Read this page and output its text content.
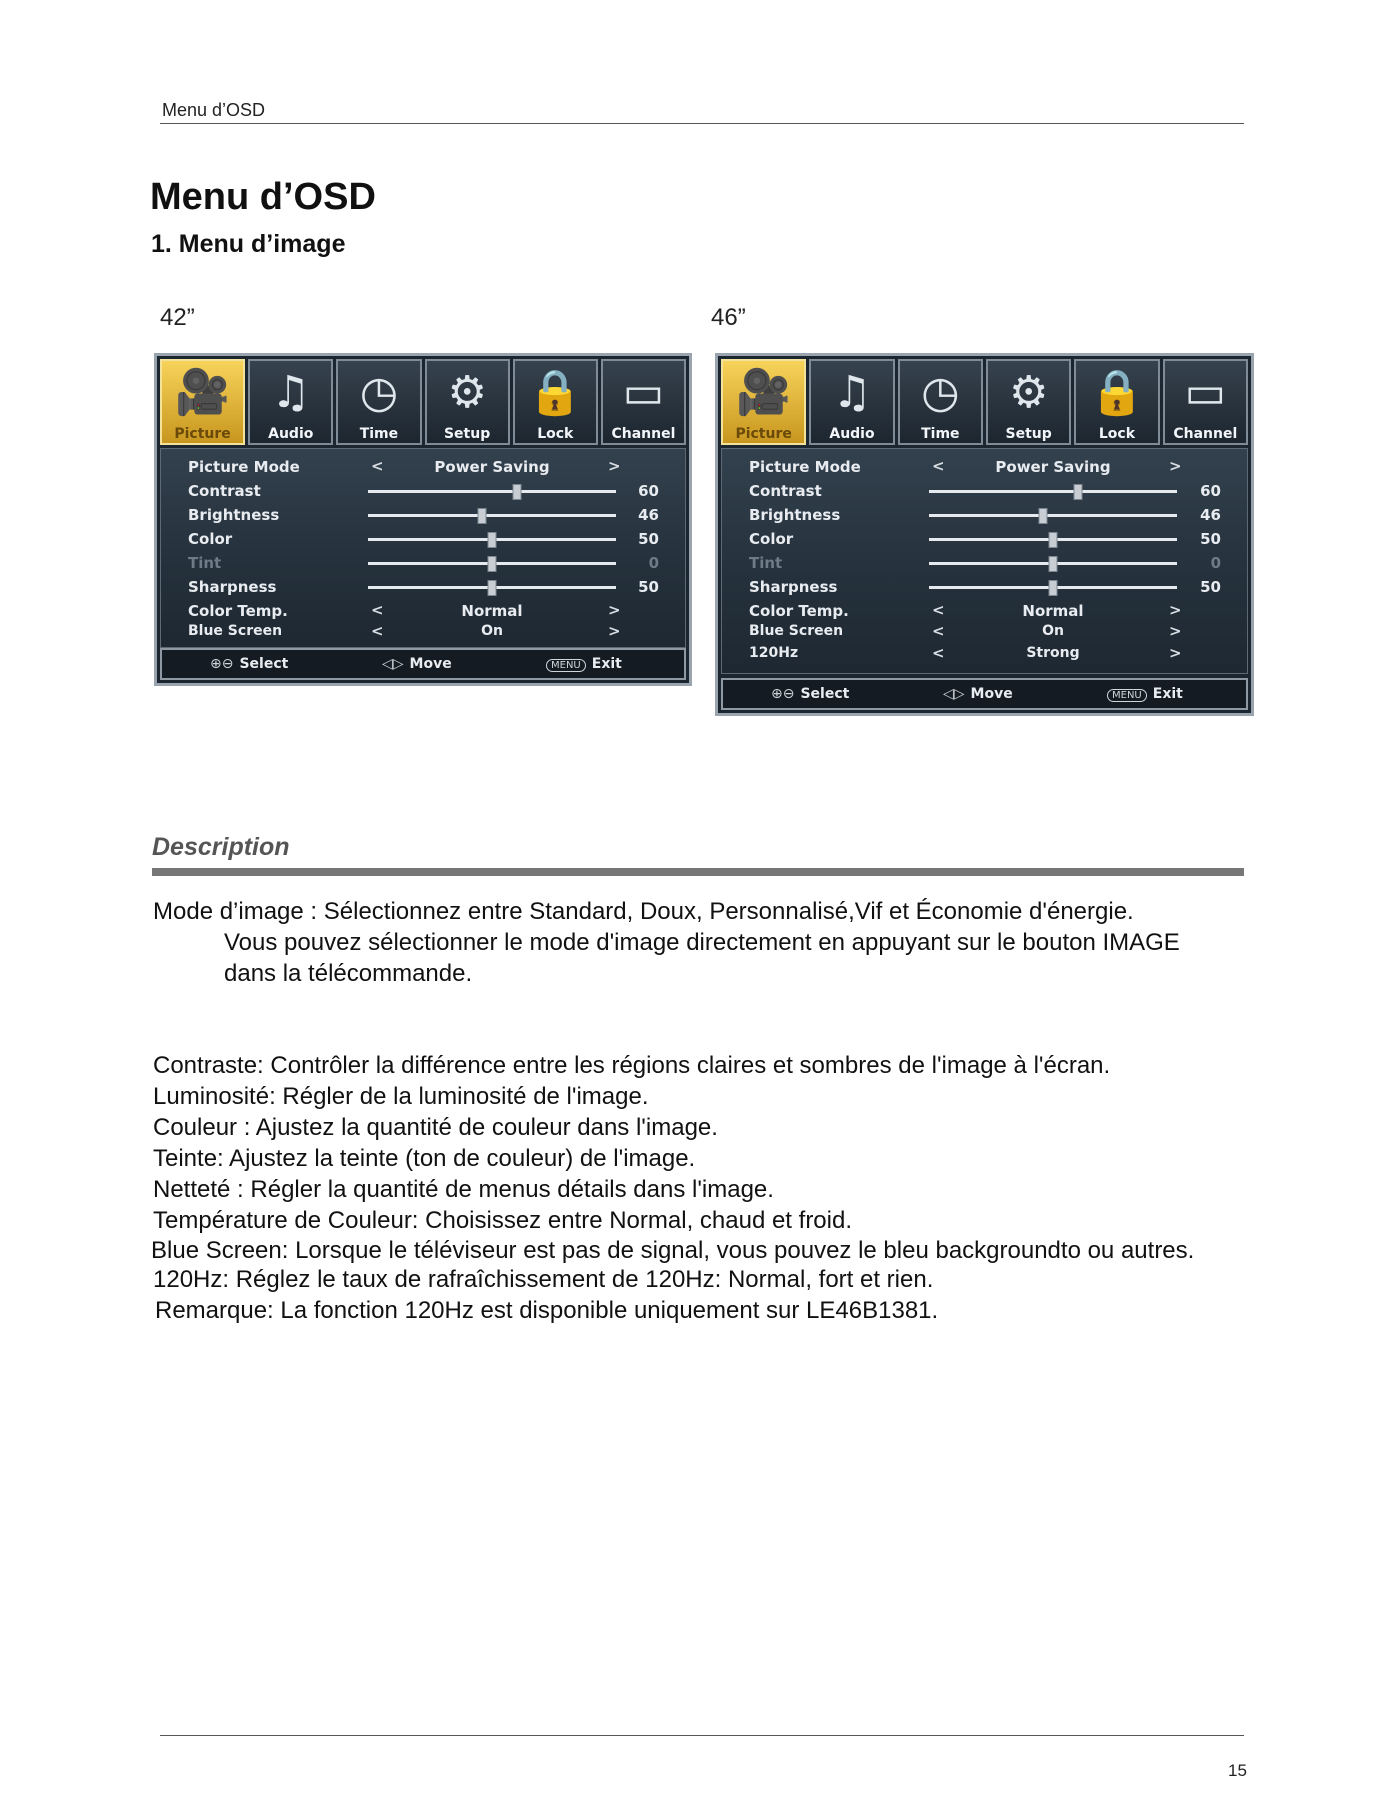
Menu d’OSD
Menu d’OSD
1. Menu d’image
42”	46”
🎥
Picture
♫
Audio
◷
Time
⚙
Setup
🔒
Lock
▭
Channel
Picture Mode	<	Power Saving	>
Contrast	60
Brightness	46
Color	50
Tint	0
Sharpness	50
Color Temp.	<	Normal	>
Blue Screen	<	On	>
⊕⊖ Select	◁▷ Move	MENU Exit
🎥
Picture
♫
Audio
◷
Time
⚙
Setup
🔒
Lock
▭
Channel
Picture Mode	<	Power Saving	>
Contrast	60
Brightness	46
Color	50
Tint	0
Sharpness	50
Color Temp.	<	Normal	>
Blue Screen	<	On	>
120Hz	<	Strong	>
⊕⊖ Select	◁▷ Move	MENU Exit
Description

Mode d’image : Sélectionnez entre Standard, Doux, Personnalisé,Vif et Économie d'énergie.

Vous pouvez sélectionner le mode d'image directement en appuyant sur le bouton IMAGE

dans la télécommande.

Contraste: Contrôler la différence entre les régions claires et sombres de l'image à l'écran.

Luminosité: Régler de la luminosité de l'image.

Couleur : Ajustez la quantité de couleur dans l'image.

Teinte: Ajustez la teinte (ton de couleur) de l'image.

Netteté : Régler la quantité de menus détails dans l'image.

Température de Couleur: Choisissez entre Normal, chaud et froid.

Blue Screen: Lorsque le téléviseur est pas de signal, vous pouvez le bleu backgroundto ou autres.

120Hz: Réglez le taux de rafraîchissement de 120Hz: Normal, fort et rien.

Remarque: La fonction 120Hz est disponible uniquement sur LE46B1381.

15
